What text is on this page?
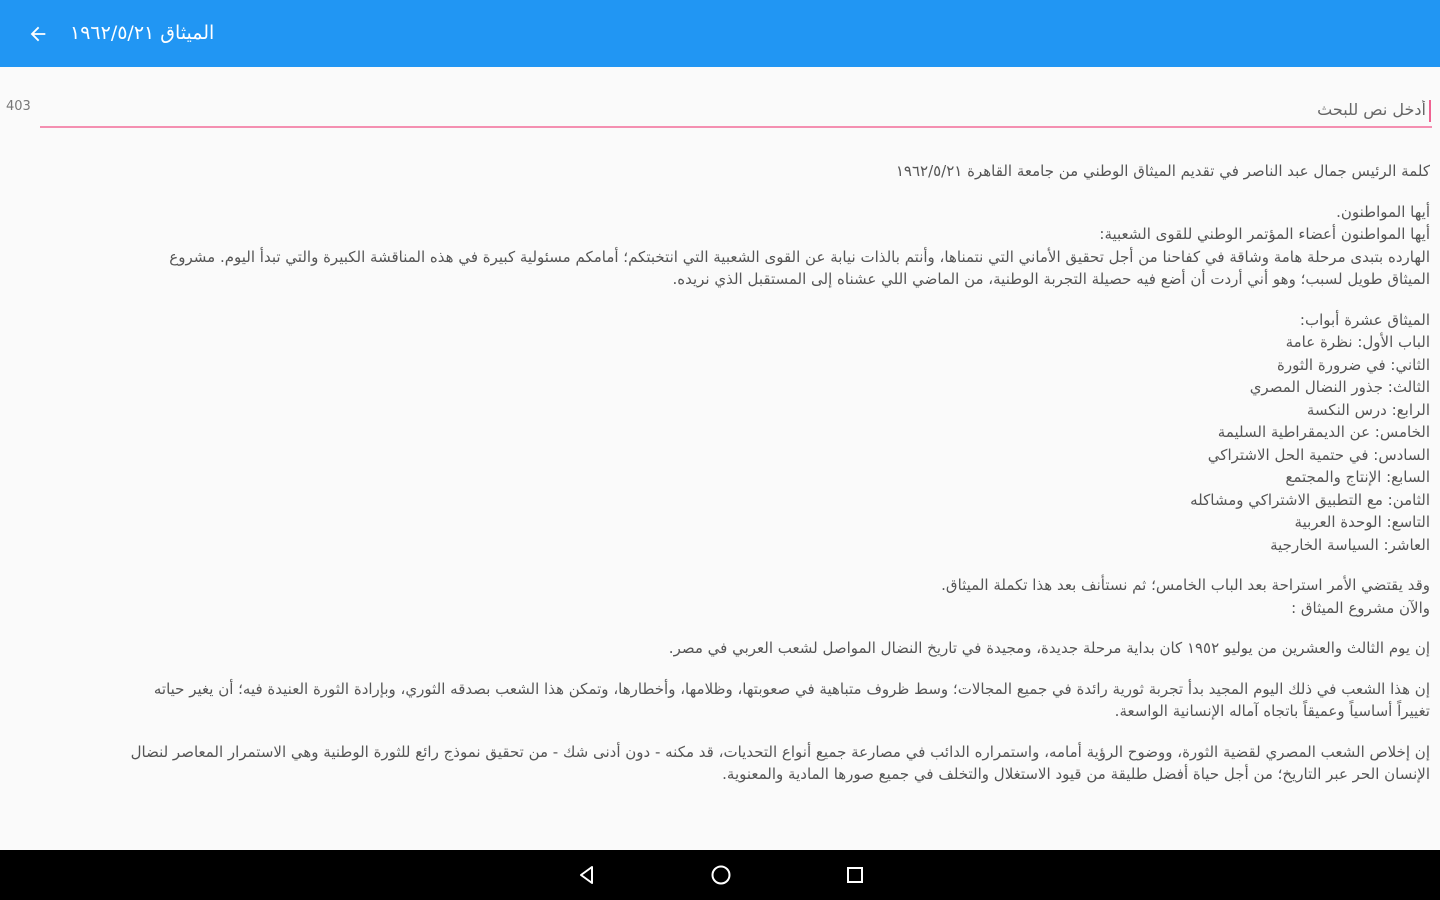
الميثاق ١٩٦٢/٥/٢١
403
أدخل نص للبحث
كلمة الرئيس جمال عبد الناصر في تقديم الميثاق الوطني من جامعة القاهرة ١٩٦٢/٥/٢١
أيها المواطنون.
أيها المواطنون أعضاء المؤتمر الوطني للقوى الشعبية:
الهارده بتبدى مرحلة هامة وشاقة في كفاحنا من أجل تحقيق الأماني التي نتمناها، وأنتم بالذات نيابة عن القوى الشعبية التي انتخبتكم؛ أمامكم مسئولية كبيرة في هذه المناقشة الكبيرة والتي تبدأ اليوم. مشروع
الميثاق طويل لسبب؛ وهو أني أردت أن أضع فيه حصيلة التجربة الوطنية، من الماضي اللي عشناه إلى المستقبل الذي نريده.
الميثاق عشرة أبواب:
الباب الأول: نظرة عامة
الثاني: في ضرورة الثورة
الثالث: جذور النضال المصري
الرابع: درس النكسة
الخامس: عن الديمقراطية السليمة
السادس: في حتمية الحل الاشتراكي
السابع: الإنتاج والمجتمع
الثامن: مع التطبيق الاشتراكي ومشاكله
التاسع: الوحدة العربية
العاشر: السياسة الخارجية
وقد يقتضي الأمر استراحة بعد الباب الخامس؛ ثم نستأنف بعد هذا تكملة الميثاق.
والآن مشروع الميثاق :
إن يوم الثالث والعشرين من يوليو ١٩٥٢ كان بداية مرحلة جديدة، ومجيدة في تاريخ النضال المواصل لشعب العربي في مصر.
إن هذا الشعب في ذلك اليوم المجيد بدأ تجربة ثورية رائدة في جميع المجالات؛ وسط ظروف متباهية في صعوبتها، وظلامها، وأخطارها، وتمكن هذا الشعب بصدقه الثوري، وبإرادة الثورة العنيدة فيه؛ أن يغير حياته
تغييراً أساسياً وعميقاً باتجاه آماله الإنسانية الواسعة.
إن إخلاص الشعب المصري لقضية الثورة، ووضوح الرؤية أمامه، واستمراره الدائب في مصارعة جميع أنواع التحديات، قد مكنه - دون أدنى شك - من تحقيق نموذج رائع للثورة الوطنية وهي الاستمرار المعاصر لنضال
الإنسان الحر عبر التاريخ؛ من أجل حياة أفضل طليقة من قيود الاستغلال والتخلف في جميع صورها المادية والمعنوية.
